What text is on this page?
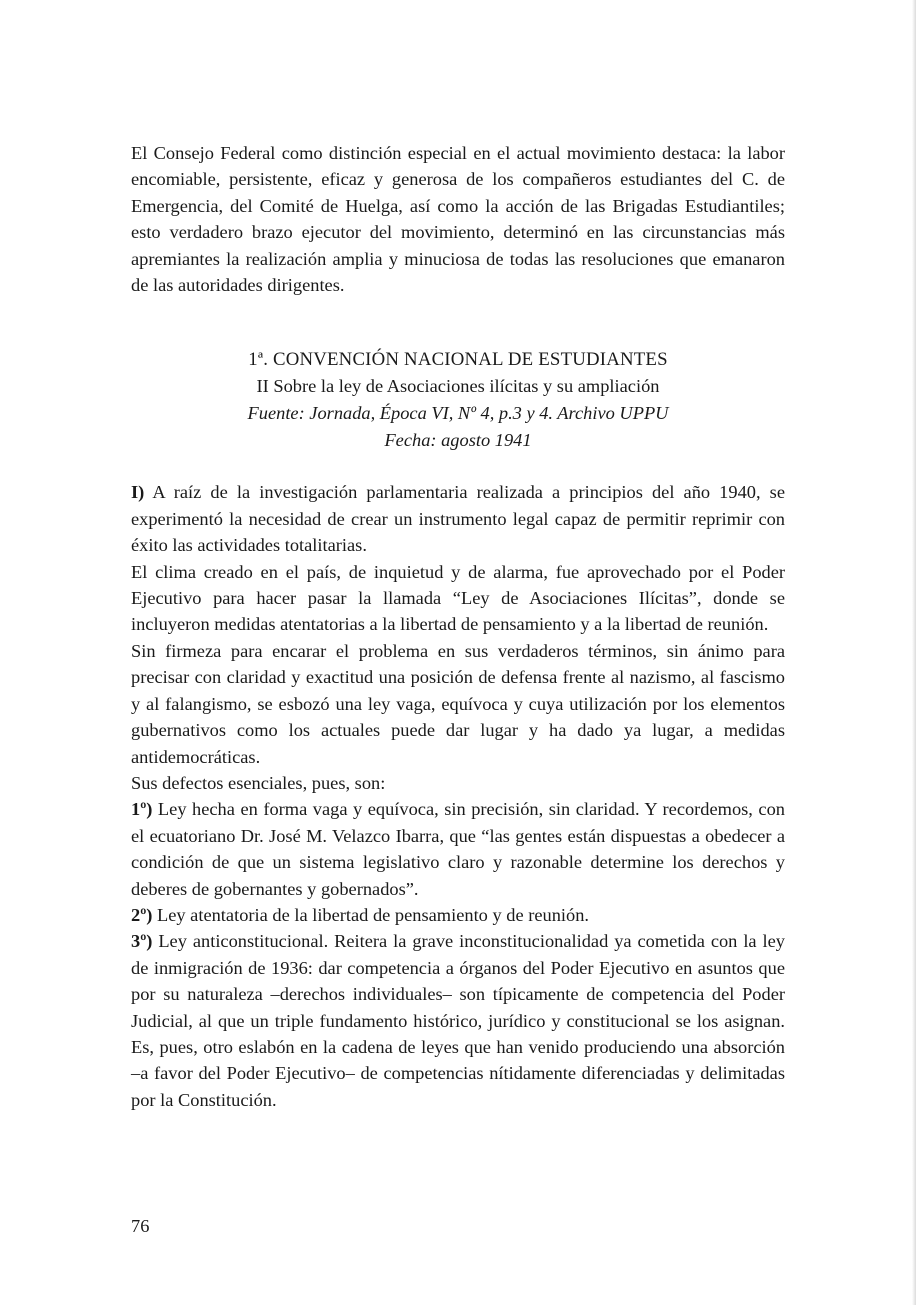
El Consejo Federal como distinción especial en el actual movimiento destaca: la labor encomiable, persistente, eficaz y generosa de los compañeros estudiantes del C. de Emergencia, del Comité de Huelga, así como la acción de las Brigadas Estudiantiles; esto verdadero brazo ejecutor del movimiento, determinó en las circunstancias más apremiantes la realización amplia y minuciosa de todas las resoluciones que emanaron de las autoridades dirigentes.

1ª. CONVENCIÓN NACIONAL DE ESTUDIANTES
II Sobre la ley de Asociaciones ilícitas y su ampliación
Fuente: Jornada, Época VI, Nº 4, p.3 y 4. Archivo UPPU
Fecha: agosto 1941

I) A raíz de la investigación parlamentaria realizada a principios del año 1940, se experimentó la necesidad de crear un instrumento legal capaz de permitir reprimir con éxito las actividades totalitarias.

El clima creado en el país, de inquietud y de alarma, fue aprovechado por el Poder Ejecutivo para hacer pasar la llamada “Ley de Asociaciones Ilícitas”, donde se incluyeron medidas atentatorias a la libertad de pensamiento y a la libertad de reunión.

Sin firmeza para encarar el problema en sus verdaderos términos, sin ánimo para precisar con claridad y exactitud una posición de defensa frente al nazismo, al fascismo y al falangismo, se esbozó una ley vaga, equívoca y cuya utilización por los elementos gubernativos como los actuales puede dar lugar y ha dado ya lugar, a medidas antidemocráticas.

Sus defectos esenciales, pues, son:

1º) Ley hecha en forma vaga y equívoca, sin precisión, sin claridad. Y recordemos, con el ecuatoriano Dr. José M. Velazco Ibarra, que “las gentes están dispuestas a obedecer a condición de que un sistema legislativo claro y razonable determine los derechos y deberes de gobernantes y gobernados”.

2º) Ley atentatoria de la libertad de pensamiento y de reunión.

3º) Ley anticonstitucional. Reitera la grave inconstitucionalidad ya cometida con la ley de inmigración de 1936: dar competencia a órganos del Poder Ejecutivo en asuntos que por su naturaleza –derechos individuales– son típicamente de competencia del Poder Judicial, al que un triple fundamento histórico, jurídico y constitucional se los asignan. Es, pues, otro eslabón en la cadena de leyes que han venido produciendo una absorción –a favor del Poder Ejecutivo– de competencias nítidamente diferenciadas y delimitadas por la Constitución.

76
